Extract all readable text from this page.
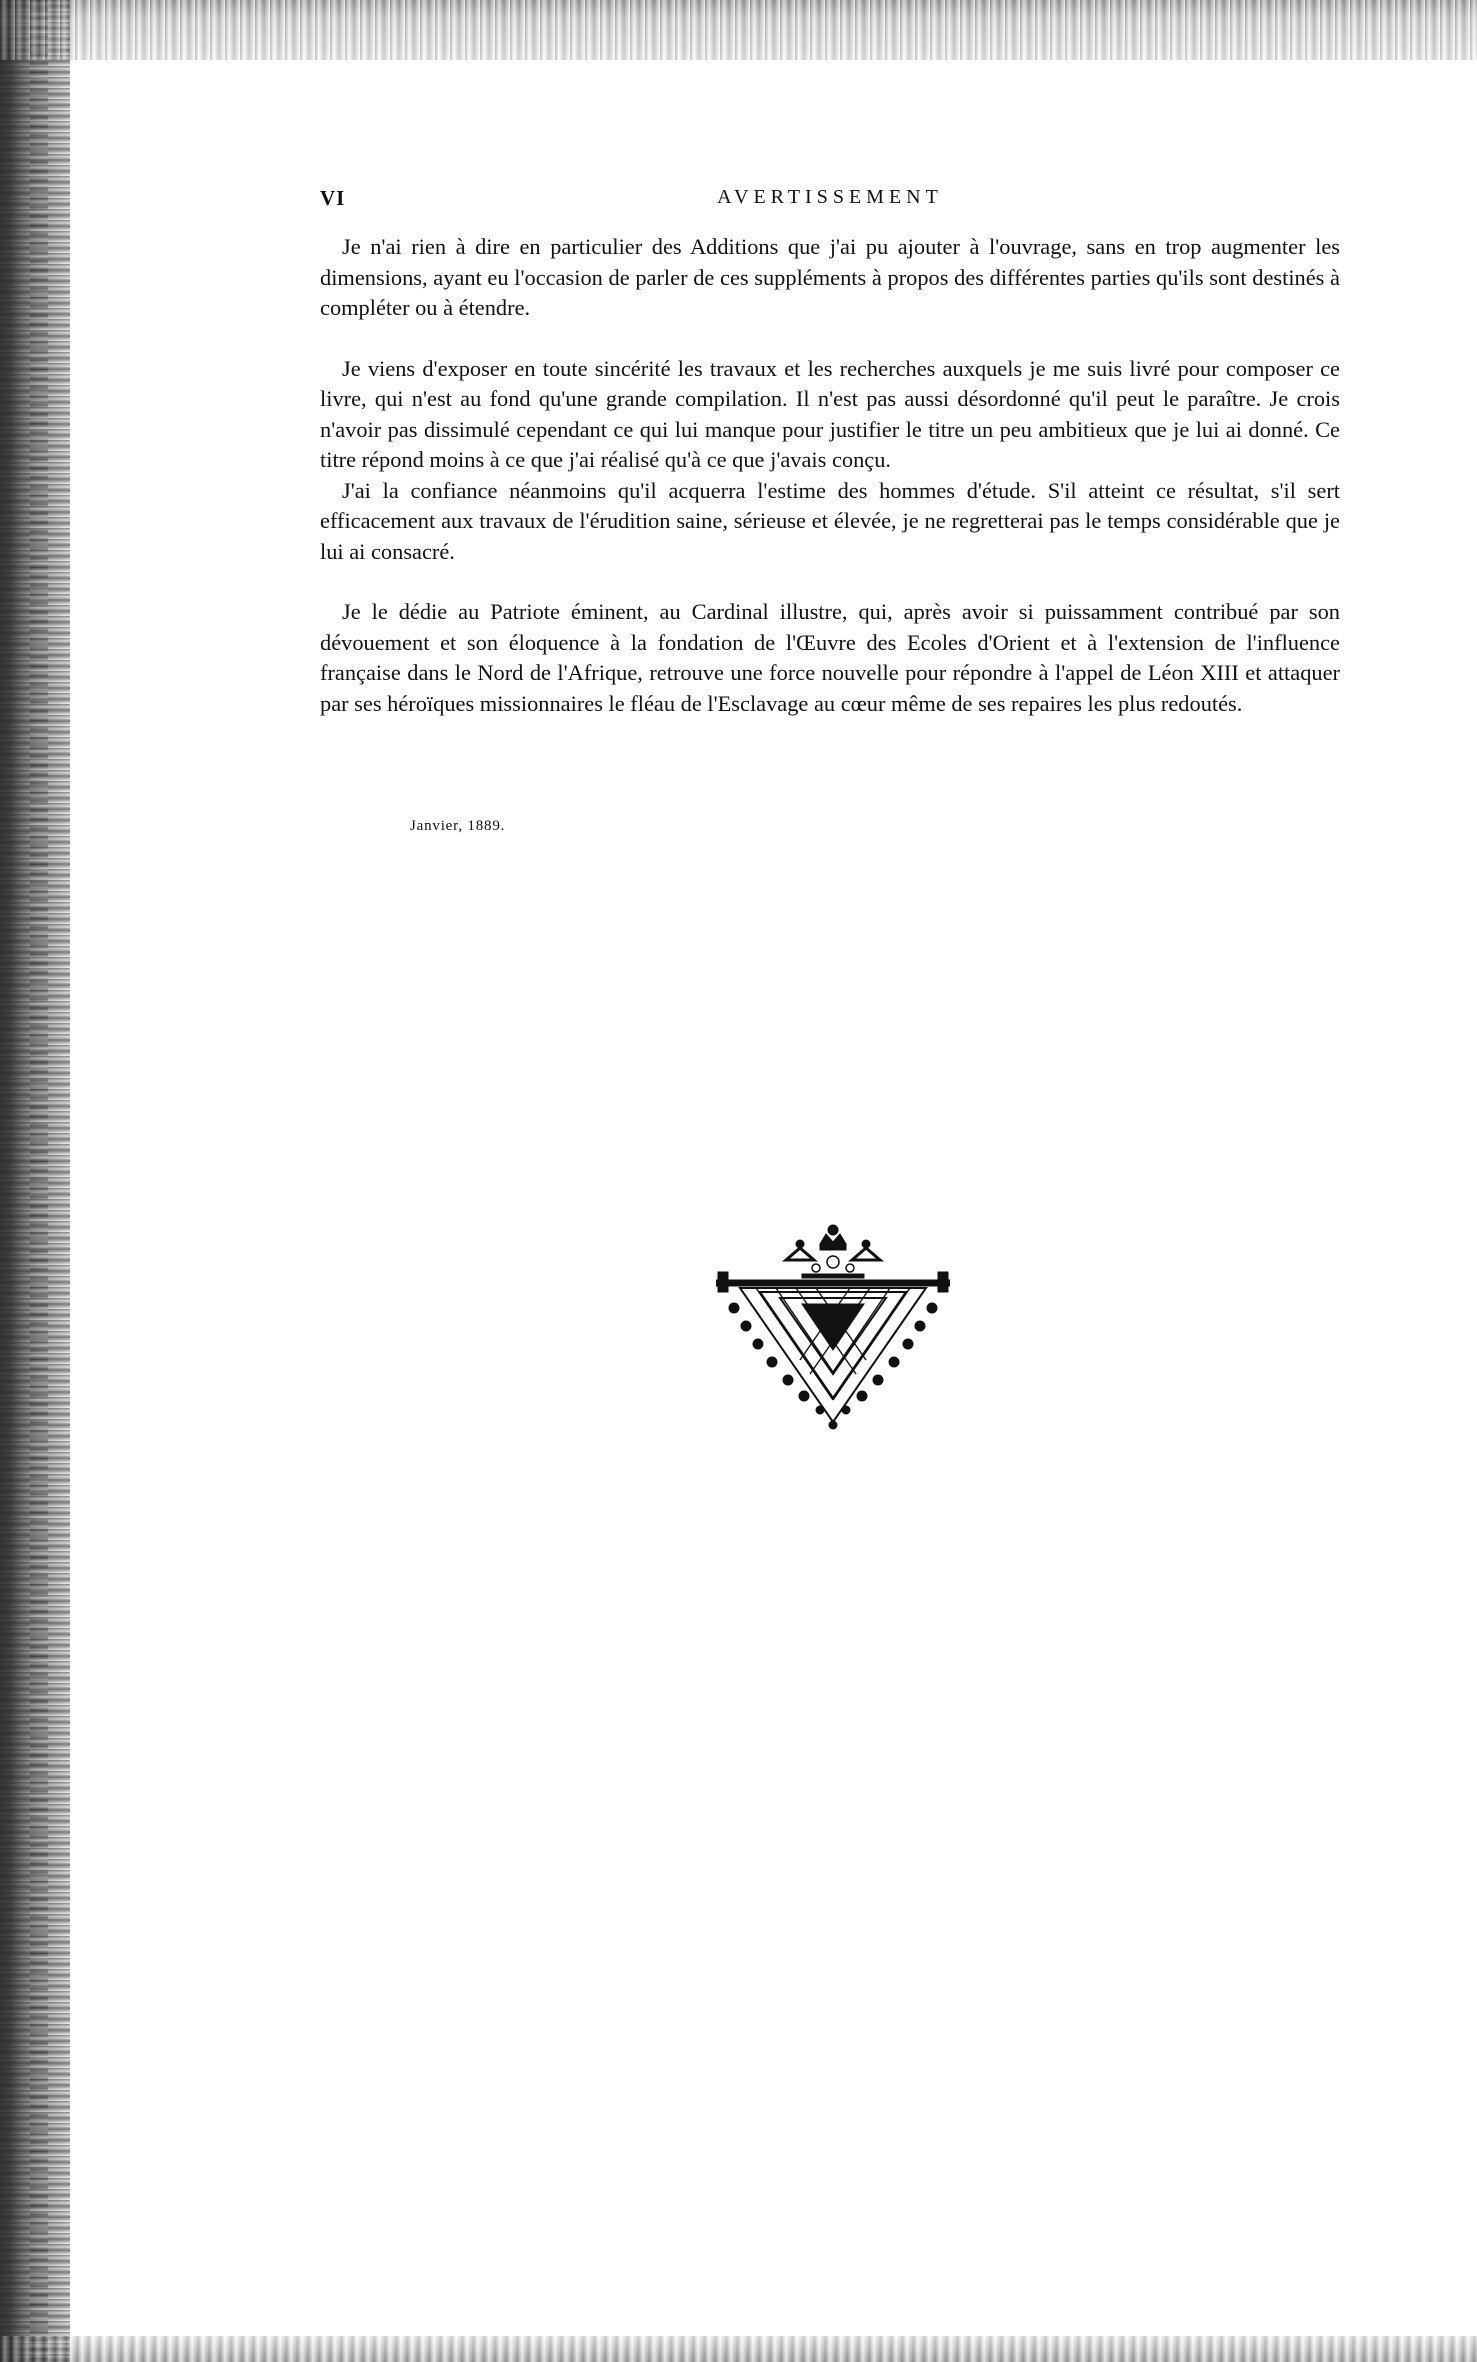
VI	AVERTISSEMENT

Je n'ai rien à dire en particulier des Additions que j'ai pu ajouter à l'ouvrage, sans en trop augmenter les dimensions, ayant eu l'occasion de parler de ces suppléments à propos des différentes parties qu'ils sont destinés à compléter ou à étendre.

Je viens d'exposer en toute sincérité les travaux et les recherches auxquels je me suis livré pour composer ce livre, qui n'est au fond qu'une grande compilation. Il n'est pas aussi désordonné qu'il peut le paraître. Je crois n'avoir pas dissimulé cependant ce qui lui manque pour justifier le titre un peu ambitieux que je lui ai donné. Ce titre répond moins à ce que j'ai réalisé qu'à ce que j'avais conçu.

J'ai la confiance néanmoins qu'il acquerra l'estime des hommes d'étude. S'il atteint ce résultat, s'il sert efficacement aux travaux de l'érudition saine, sérieuse et élevée, je ne regretterai pas le temps considérable que je lui ai consacré.

Je le dédie au Patriote éminent, au Cardinal illustre, qui, après avoir si puissamment contribué par son dévouement et son éloquence à la fondation de l'Œuvre des Ecoles d'Orient et à l'extension de l'influence française dans le Nord de l'Afrique, retrouve une force nouvelle pour répondre à l'appel de Léon XIII et attaquer par ses héroïques missionnaires le fléau de l'Esclavage au cœur même de ses repaires les plus redoutés.

Janvier, 1889.
